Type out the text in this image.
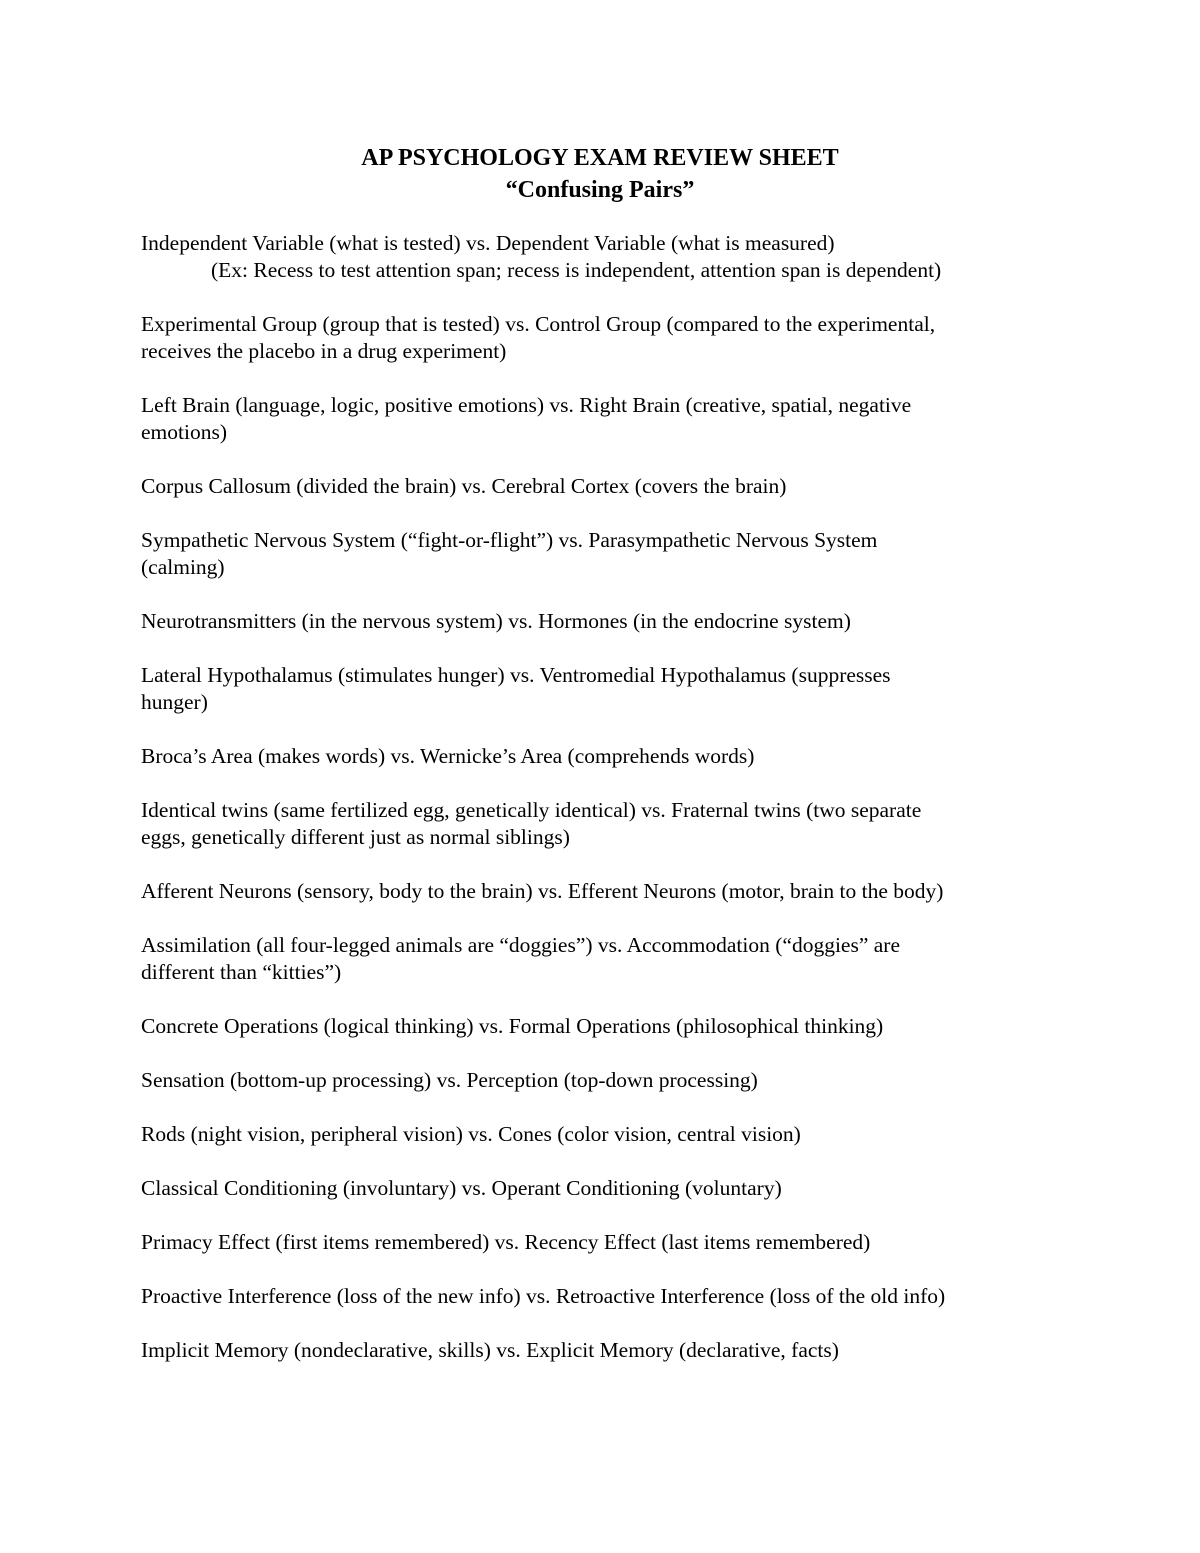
AP PSYCHOLOGY EXAM REVIEW SHEET
“Confusing Pairs”
Independent Variable (what is tested) vs. Dependent Variable (what is measured)
(Ex: Recess to test attention span; recess is independent, attention span is dependent)
Experimental Group (group that is tested) vs. Control Group (compared to the experimental,
receives the placebo in a drug experiment)
Left Brain (language, logic, positive emotions) vs. Right Brain (creative, spatial, negative
emotions)
Corpus Callosum (divided the brain) vs. Cerebral Cortex (covers the brain)
Sympathetic Nervous System (“fight-or-flight”) vs. Parasympathetic Nervous System
(calming)
Neurotransmitters (in the nervous system) vs. Hormones (in the endocrine system)
Lateral Hypothalamus (stimulates hunger) vs. Ventromedial Hypothalamus (suppresses
hunger)
Broca’s Area (makes words) vs. Wernicke’s Area (comprehends words)
Identical twins (same fertilized egg, genetically identical) vs. Fraternal twins (two separate
eggs, genetically different just as normal siblings)
Afferent Neurons (sensory, body to the brain) vs. Efferent Neurons (motor, brain to the body)
Assimilation (all four-legged animals are “doggies”) vs. Accommodation (“doggies” are
different than “kitties”)
Concrete Operations (logical thinking) vs. Formal Operations (philosophical thinking)
Sensation (bottom-up processing) vs. Perception (top-down processing)
Rods (night vision, peripheral vision) vs. Cones (color vision, central vision)
Classical Conditioning (involuntary) vs. Operant Conditioning (voluntary)
Primacy Effect (first items remembered) vs. Recency Effect (last items remembered)
Proactive Interference (loss of the new info) vs. Retroactive Interference (loss of the old info)
Implicit Memory (nondeclarative, skills) vs. Explicit Memory (declarative, facts)
